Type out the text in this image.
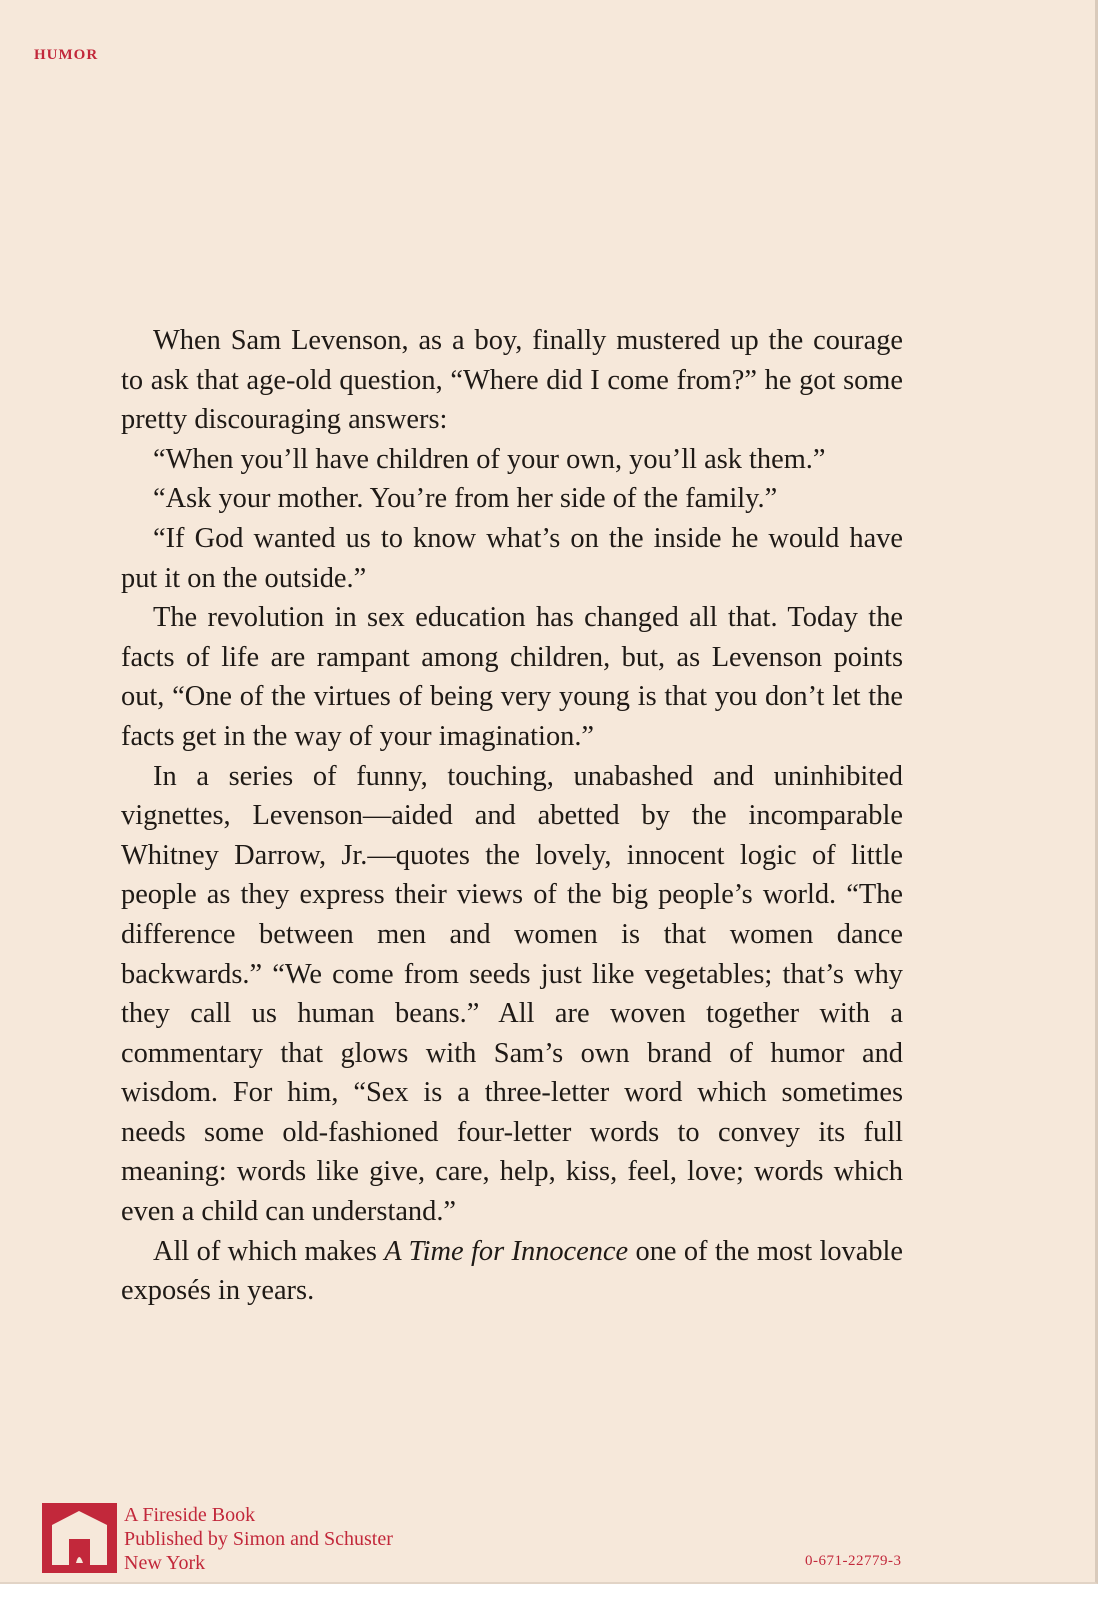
HUMOR

When Sam Levenson, as a boy, finally mustered up the courage to ask that age-old question, “Where did I come from?” he got some pretty discouraging answers:

“When you’ll have children of your own, you’ll ask them.”

“Ask your mother. You’re from her side of the family.”

“If God wanted us to know what’s on the inside he would have put it on the outside.”

The revolution in sex education has changed all that. Today the facts of life are rampant among children, but, as Levenson points out, “One of the virtues of being very young is that you don’t let the facts get in the way of your imagination.”

In a series of funny, touching, unabashed and uninhibited vignettes, Levenson—aided and abetted by the incomparable Whitney Darrow, Jr.—quotes the lovely, innocent logic of little people as they express their views of the big people’s world. “The difference between men and women is that women dance backwards.” “We come from seeds just like vegetables; that’s why they call us human beans.” All are woven together with a commentary that glows with Sam’s own brand of humor and wisdom. For him, “Sex is a three-letter word which sometimes needs some old-fashioned four-letter words to convey its full meaning: words like give, care, help, kiss, feel, love; words which even a child can understand.”

All of which makes A Time for Innocence one of the most lovable exposés in years.

A Fireside Book
Published by Simon and Schuster
New York	0-671-22779-3
